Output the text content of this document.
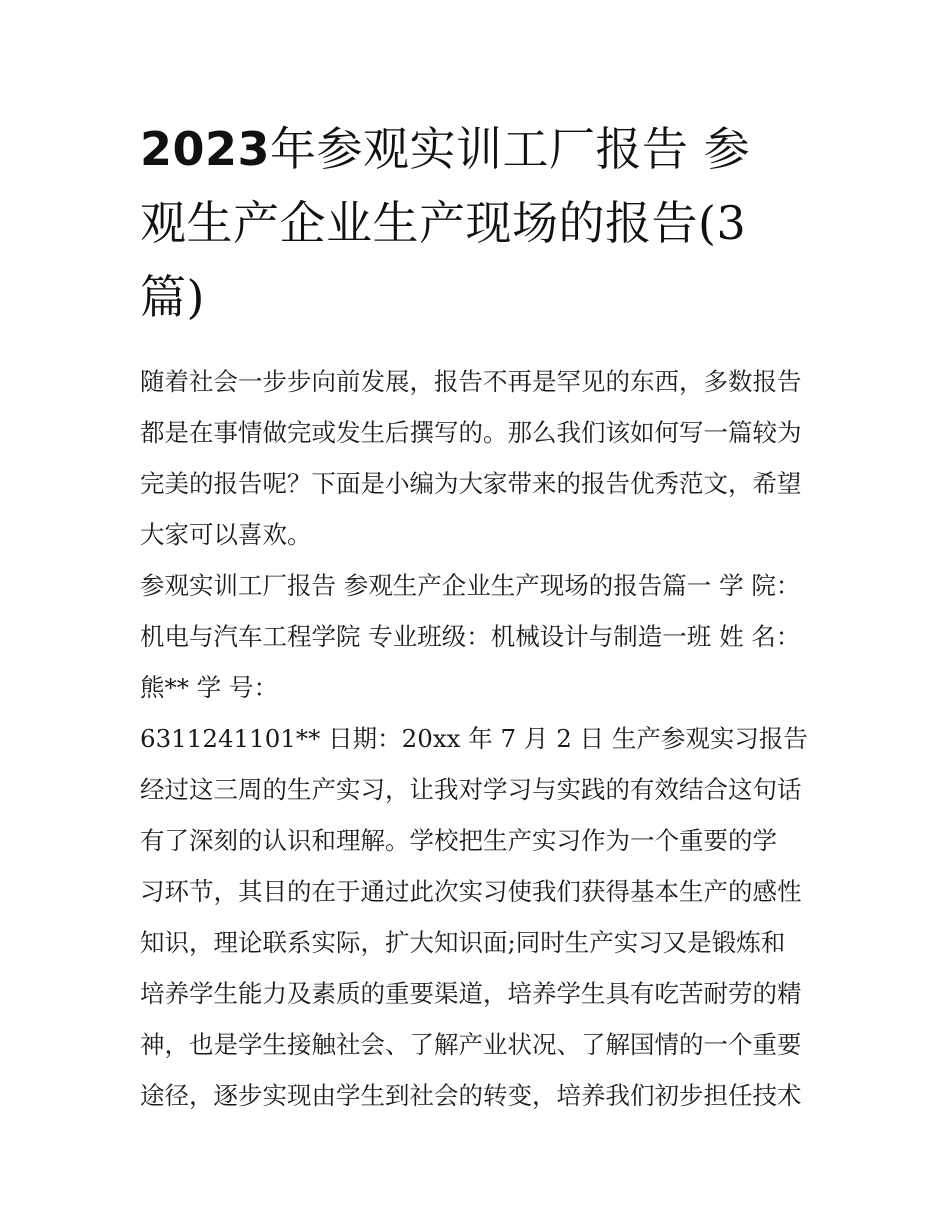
2023年参观实训工厂报告 参
观生产企业生产现场的报告(3
篇)

随着社会一步步向前发展，报告不再是罕见的东西，多数报告
都是在事情做完或发生后撰写的。那么我们该如何写一篇较为
完美的报告呢？下面是小编为大家带来的报告优秀范文，希望
大家可以喜欢。

参观实训工厂报告 参观生产企业生产现场的报告篇一 学 院：
机电与汽车工程学院 专业班级：机械设计与制造一班 姓 名：
熊** 学 号：

6311241101** 日期：20xx 年 7 月 2 日 生产参观实习报告

经过这三周的生产实习，让我对学习与实践的有效结合这句话
有了深刻的认识和理解。学校把生产实习作为一个重要的学
习环节，其目的在于通过此次实习使我们获得基本生产的感性
知识，理论联系实际，扩大知识面;同时生产实习又是锻炼和
培养学生能力及素质的重要渠道，培养学生具有吃苦耐劳的精
神，也是学生接触社会、了解产业状况、了解国情的一个重要
途径，逐步实现由学生到社会的转变，培养我们初步担任技术
